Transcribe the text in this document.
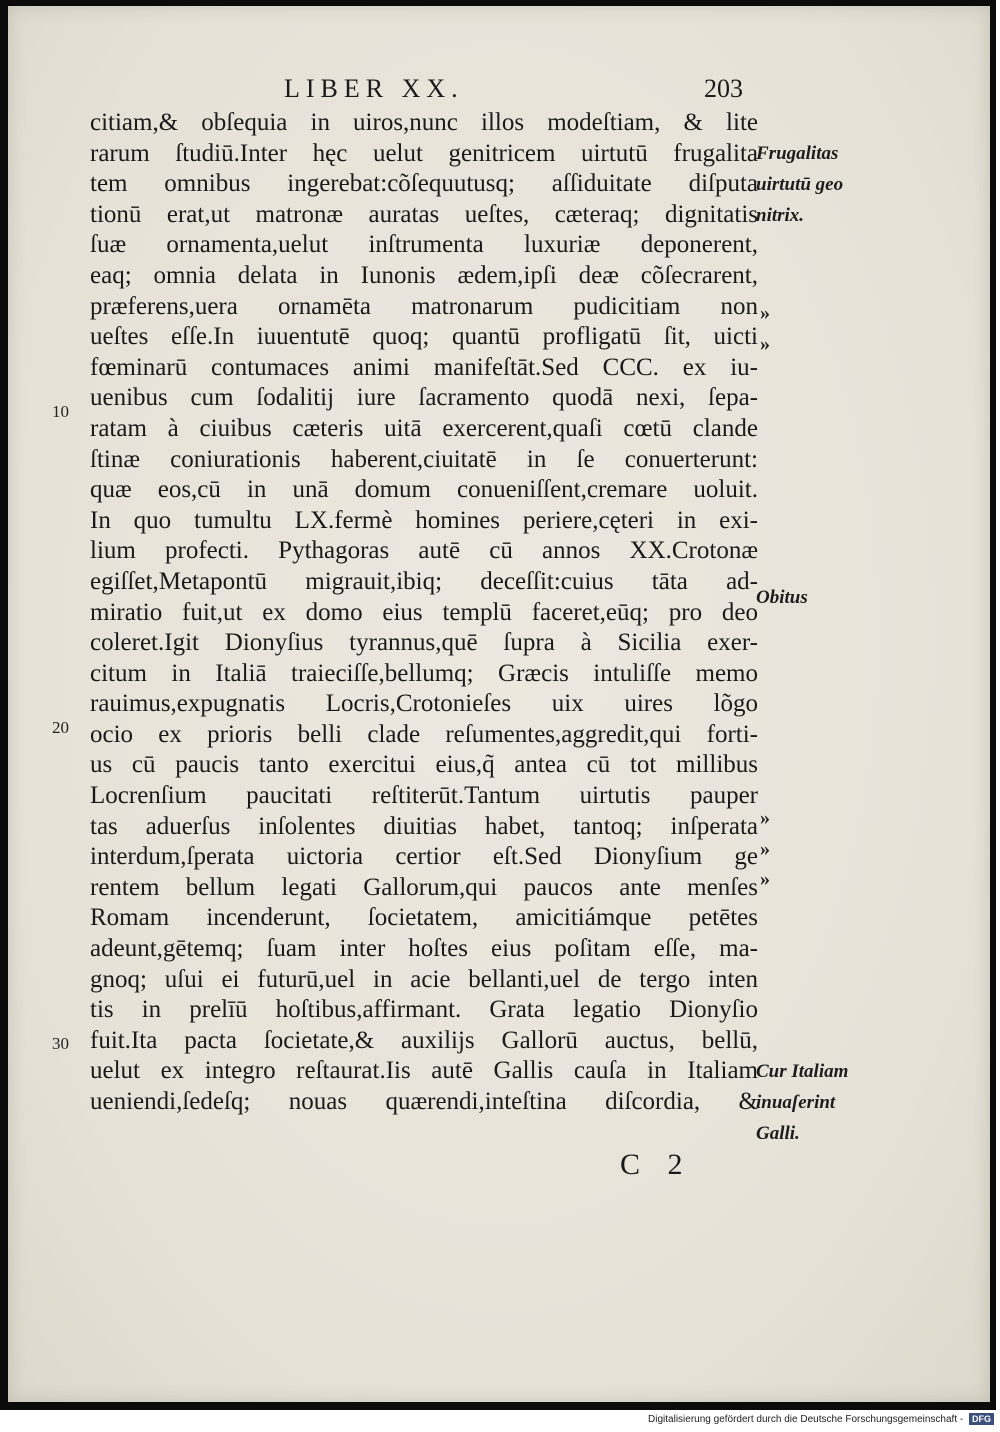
LIBER XX.	203
citiam,& obſequia in uiros,nunc illos modeſtiam, & lite
rarum ſtudiū.Inter hęc uelut genitricem uirtutū frugalita
tem omnibus ingerebat:cõſequutusq; aſſiduitate diſputa
tionū erat,ut matronæ auratas ueſtes, cæteraq; dignitatis
ſuæ ornamenta,uelut inſtrumenta luxuriæ deponerent,
eaq; omnia delata in Iunonis ædem,ipſi deæ cõſecrarent,
præferens,uera ornamēta matronarum pudicitiam non
ueſtes eſſe.In iuuentutē quoq; quantū profligatū ſit, uicti
fœminarū contumaces animi manifeſtāt.Sed CCC. ex iu-
uenibus cum ſodalitij iure ſacramento quodā nexi, ſepa-
ratam à ciuibus cæteris uitā exercerent,quaſi cœtū clande
ſtinæ coniurationis haberent,ciuitatē in ſe conuerterunt:
quæ eos,cū in unā domum conueniſſent,cremare uoluit.
In quo tumultu LX.fermè homines periere,cęteri in exi-
lium profecti. Pythagoras autē cū annos XX.Crotonæ
egiſſet,Metapontū migrauit,ibiq; deceſſit:cuius tāta ad-
miratio fuit,ut ex domo eius templū faceret,eūq; pro deo
coleret.Igit Dionyſius tyrannus,quē ſupra à Sicilia exer-
citum in Italiā traieciſſe,bellumq; Græcis intuliſſe memo
rauimus,expugnatis Locris,Crotonieſes uix uires lõgo
ocio ex prioris belli clade reſumentes,aggredit,qui forti-
us cū paucis tanto exercitui eius,q̃ antea cū tot millibus
Locrenſium paucitati reſtiterūt.Tantum uirtutis pauper
tas aduerſus inſolentes diuitias habet, tantoq; inſperata
interdum,ſperata uictoria certior eſt.Sed Dionyſium ge
rentem bellum legati Gallorum,qui paucos ante menſes
Romam incenderunt, ſocietatem, amicitiámque petētes
adeunt,gētemq; ſuam inter hoſtes eius poſitam eſſe, ma-
gnoq; uſui ei futurū,uel in acie bellanti,uel de tergo inten
tis in prelīū hoſtibus,affirmant. Grata legatio Dionyſio
fuit.Ita pacta ſocietate,& auxilijs Gallorū auctus, bellū,
uelut ex integro reſtaurat.Iis autē Gallis cauſa in Italiam
ueniendi,ſedeſq; nouas quærendi,inteſtina diſcordia, &
10
20
30
Frugalitas
uirtutū geo
nitrix.
»
»
Obitus
»
»
»
Cur Italiam
inuaſerint
Galli.
C 2
Digitalisierung gefördert durch die Deutsche Forschungsgemeinschaft - DFG
